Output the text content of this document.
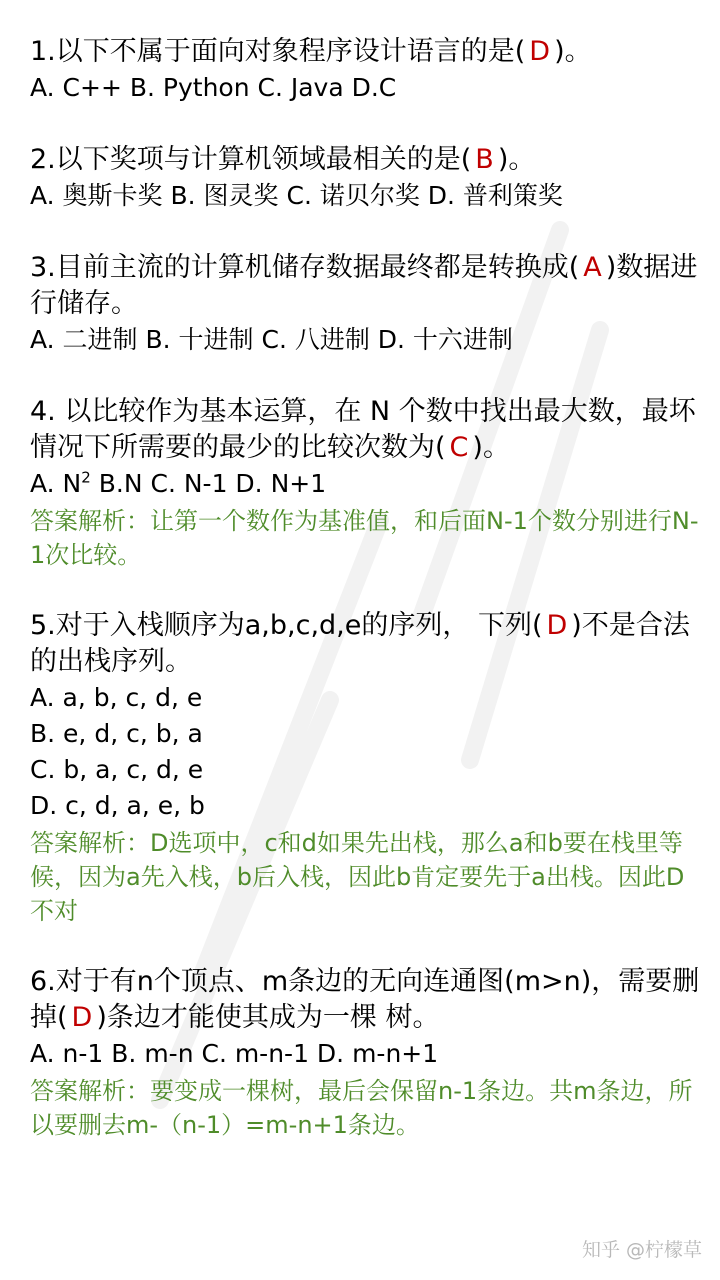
1.以下不属于面向对象程序设计语言的是( D )。
A. C++ B. Python C. Java D.C
2.以下奖项与计算机领域最相关的是( B )。
A. 奥斯卡奖 B. 图灵奖 C. 诺贝尔奖 D. 普利策奖
3.目前主流的计算机储存数据最终都是转换成( A )数据进行储存。
A. 二进制 B. 十进制 C. 八进制 D. 十六进制
4. 以比较作为基本运算，在 N 个数中找出最大数，最坏情况下所需要的最少的比较次数为( C )。
A. $N^2$ B.N C. N-1 D. N+1
答案解析：让第一个数作为基准值，和后面N-1个数分别进行N-1次比较。
5.对于入栈顺序为a,b,c,d,e的序列， 下列( D )不是合法的出栈序列。
A. a, b, c, d, e
B. e, d, c, b, a
C. b, a, c, d, e
D. c, d, a, e, b
答案解析：D选项中，c和d如果先出栈，那么a和b要在栈里等候，因为a先入栈，b后入栈，因此b肯定要先于a出栈。因此D不对
6.对于有n个顶点、m条边的无向连通图(m>n)，需要删掉( D )条边才能使其成为一棵 树。
A. n-1 B. m-n C. m-n-1 D. m-n+1
答案解析：要变成一棵树，最后会保留n-1条边。共m条边，所以要删去m-（n-1）=m-n+1条边。
知乎 @柠檬草
